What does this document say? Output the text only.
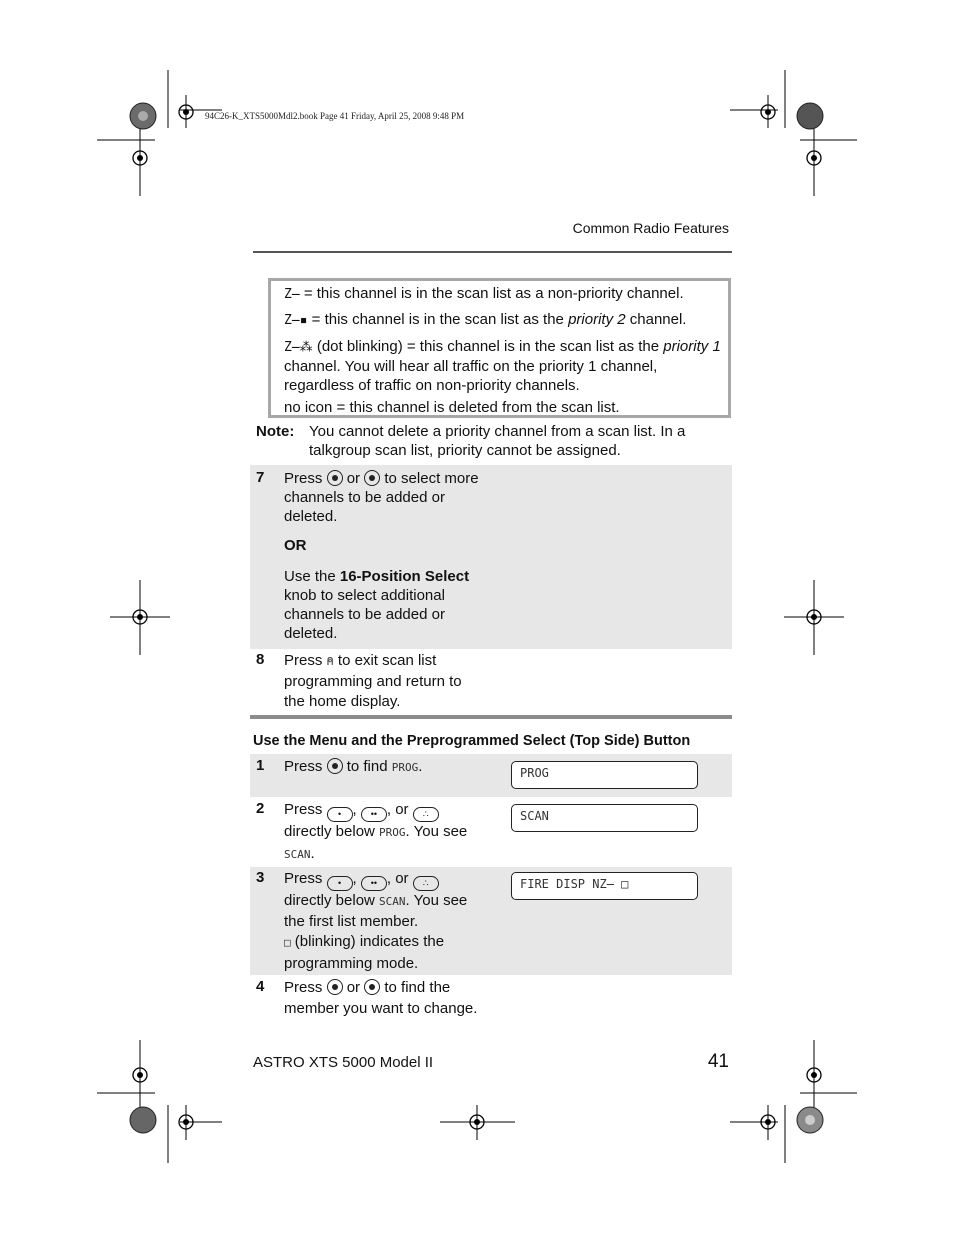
94C26-K_XTS5000Mdl2.book Page 41 Friday, April 25, 2008 9:48 PM
Common Radio Features
Z̶ = this channel is in the scan list as a non-priority channel.
Z̶▪ = this channel is in the scan list as the priority 2 channel.
Z̶⁂ (dot blinking) = this channel is in the scan list as the priority 1
channel. You will hear all traffic on the priority 1 channel,
regardless of traffic on non-priority channels.
no icon = this channel is deleted from the scan list.
Note: You cannot delete a priority channel from a scan list. In a
talkgroup scan list, priority cannot be assigned.
7 Press or to select more
channels to be added or
deleted.
OR
Use the 16-Position Select
knob to select additional
channels to be added or
deleted.
8 Press ⍝ to exit scan list
programming and return to
the home display.
Use the Menu and the Preprogrammed Select (Top Side) Button
1 Press to find PROG.	PROG
2 Press • , •• , or ∴
directly below PROG. You see
SCAN.
SCAN
3 Press • , •• , or ∴
directly below SCAN. You see
the first list member.
□ (blinking) indicates the
programming mode.
FIRE DISP NZ̶ □
4 Press or to find the
member you want to change.
ASTRO XTS 5000 Model II	41
